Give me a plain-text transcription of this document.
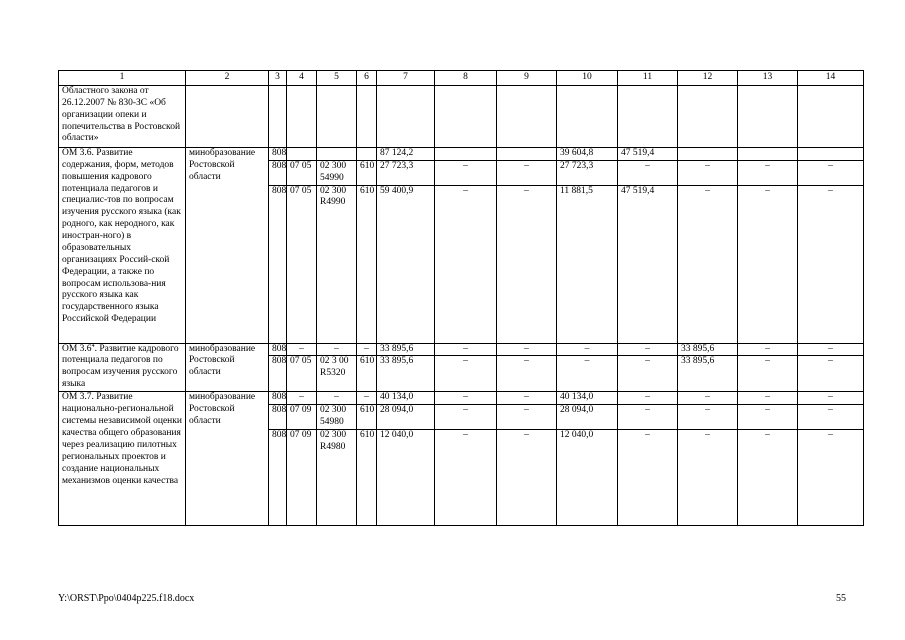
1	2	3	4	5	6	7	8	9	10	11	12	13	14
Областного закона от 26.12.2007 № 830-ЗС «Об организации опеки и попечительства в Ростовской области»													
ОМ 3.6. Развитие содержания, форм, методов повышения кадрового потенциала педагогов и специалис-тов по вопросам изучения русского языка (как родного, как неродного, как иностран-ного) в образовательных организациях Россий-ской Федерации, а также по вопросам использова-ния русского языка как государственного языка Российской Федерации	минобразование Ростовской области	808				87 124,2			39 604,8	47 519,4			
		808	07 05	02 300 54990	610	27 723,3	–	–	27 723,3	–	–	–	–
		808	07 05	02 300 R4990	610	59 400,9	–	–	11 881,5	47 519,4	–	–	–
ОМ $3.6^4$. Развитие кадрового потенциала педагогов по вопросам изучения русского языка	минобразование Ростовской области	808	–	–	–	33 895,6	–	–	–	–	33 895,6	–	–
		808	07 05	02 3 00 R5320	610	33 895,6	–	–	–	–	33 895,6	–	–
ОМ 3.7. Развитие национально-региональной системы независимой оценки качества общего образования через реализацию пилотных региональных проектов и создание национальных механизмов оценки качества	минобразование Ростовской области	808	–	–	–	40 134,0	–	–	40 134,0	–	–	–	–
		808	07 09	02 300 54980	610	28 094,0	–	–	28 094,0	–	–	–	–
		808	07 09	02 300 R4980	610	12 040,0	–	–	12 040,0	–	–	–	–
Y:\ORST\Ppo\0404p225.f18.docx	55
